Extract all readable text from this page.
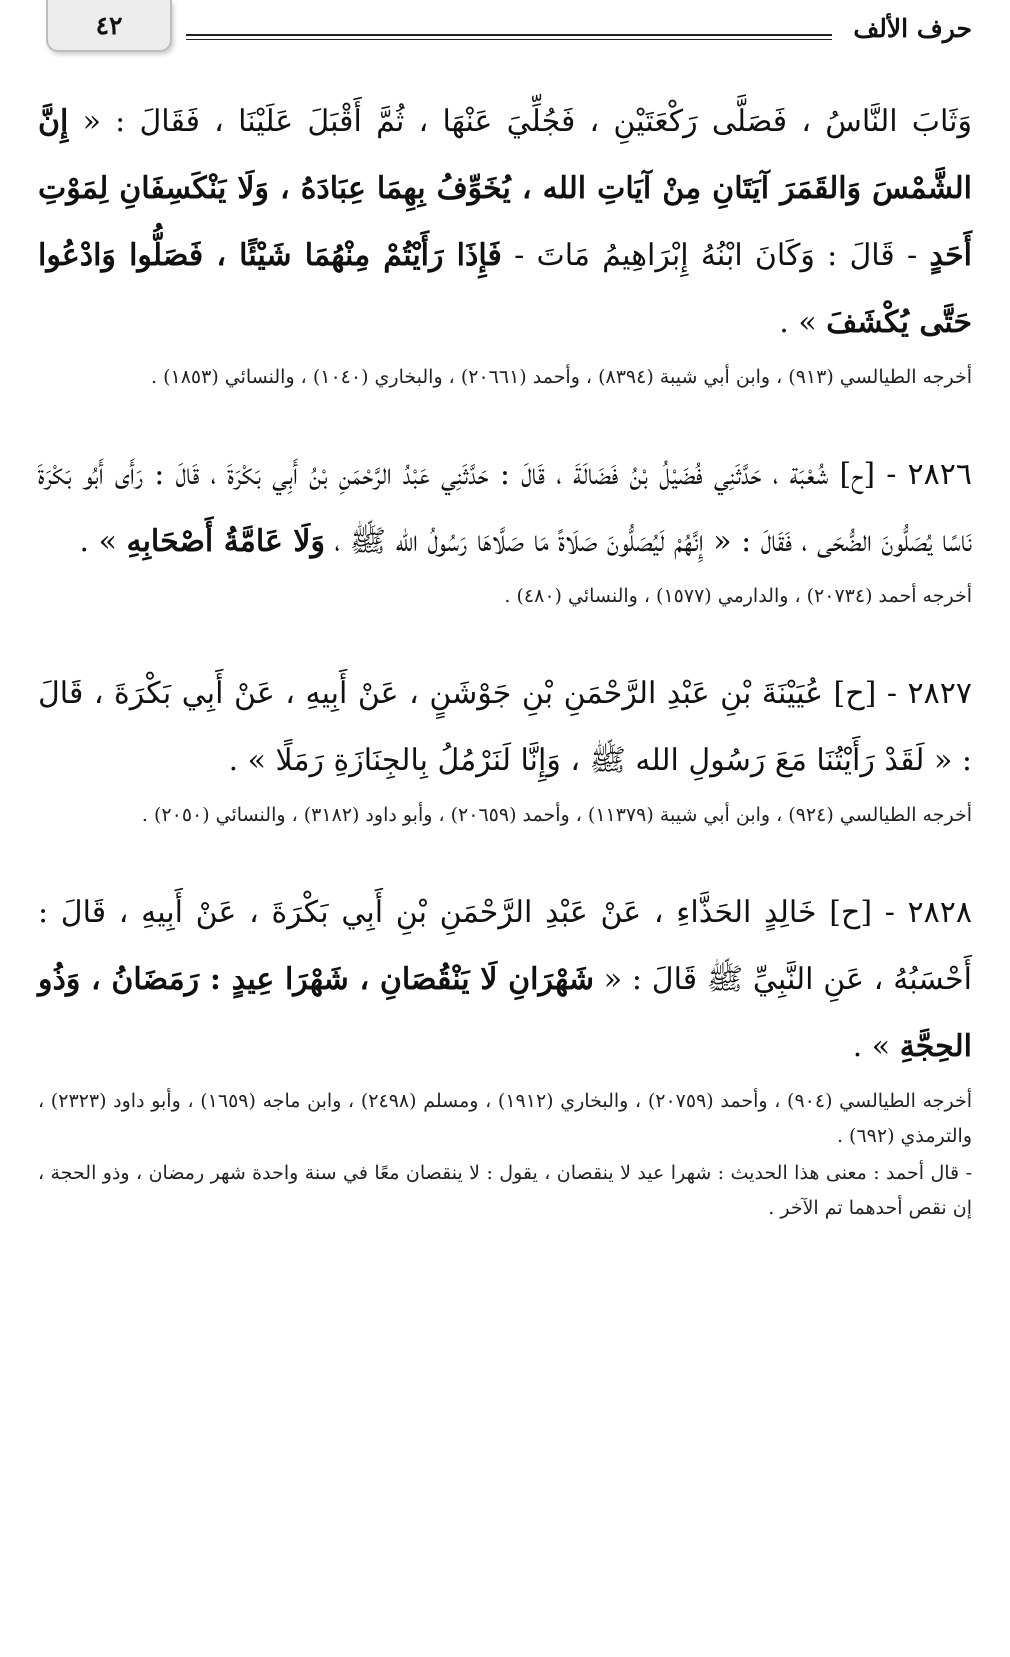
حرف الألف
٤٢

وَثَابَ النَّاسُ ، فَصَلَّى رَكْعَتَيْنِ ، فَجُلِّيَ عَنْهَا ، ثُمَّ أَقْبَلَ عَلَيْنَا ، فَقَالَ : « إِنَّ الشَّمْسَ وَالقَمَرَ آيَتَانِ مِنْ آيَاتِ الله ، يُخَوِّفُ بِهِمَا عِبَادَهُ ، وَلَا يَنْكَسِفَانِ لِمَوْتِ أَحَدٍ - قَالَ : وَكَانَ ابْنُهُ إِبْرَاهِيمُ مَاتَ - فَإِذَا رَأَيْتُمْ مِنْهُمَا شَيْئًا ، فَصَلُّوا وَادْعُوا حَتَّى يُكْشَفَ » .

أخرجه الطيالسي (٩١٣) ، وابن أبي شيبة (٨٣٩٤) ، وأحمد (٢٠٦٦١) ، والبخاري (١٠٤٠) ، والنسائي (١٨٥٣) .

٢٨٢٦ - [ح] شُعْبَة ، حَدَّثَنِي فُضَيْلُ بْنُ فَضَالَةَ ، قَالَ : حَدَّثَنِي عَبْدُ الرَّحْمَنِ بْنُ أَبِي بَكْرَةَ ، قَالَ : رَأَى أَبُو بَكْرَةَ نَاسًا يُصَلُّونَ الضُّحَى ، فَقَالَ : « إِنَّهُمْ لَيُصَلُّونَ صَلَاةً مَا صَلَّاهَا رَسُولُ الله ﷺ ، وَلَا عَامَّةُ أَصْحَابِهِ » .

أخرجه أحمد (٢٠٧٣٤) ، والدارمي (١٥٧٧) ، والنسائي (٤٨٠) .

٢٨٢٧ - [ح] عُيَيْنَةَ بْنِ عَبْدِ الرَّحْمَنِ بْنِ جَوْشَنٍ ، عَنْ أَبِيهِ ، عَنْ أَبِي بَكْرَةَ ، قَالَ : « لَقَدْ رَأَيْتُنَا مَعَ رَسُولِ الله ﷺ ، وَإِنَّا لَنَرْمُلُ بِالجِنَازَةِ رَمَلًا » .

أخرجه الطيالسي (٩٢٤) ، وابن أبي شيبة (١١٣٧٩) ، وأحمد (٢٠٦٥٩) ، وأبو داود (٣١٨٢) ، والنسائي (٢٠٥٠) .

٢٨٢٨ - [ح] خَالِدٍ الحَذَّاءِ ، عَنْ عَبْدِ الرَّحْمَنِ بْنِ أَبِي بَكْرَةَ ، عَنْ أَبِيهِ ، قَالَ : أَحْسَبُهُ ، عَنِ النَّبِيِّ ﷺ قَالَ : « شَهْرَانِ لَا يَنْقُصَانِ ، شَهْرَا عِيدٍ : رَمَضَانُ ، وَذُو الحِجَّةِ » .

أخرجه الطيالسي (٩٠٤) ، وأحمد (٢٠٧٥٩) ، والبخاري (١٩١٢) ، ومسلم (٢٤٩٨) ، وابن ماجه (١٦٥٩) ، وأبو داود (٢٣٢٣) ، والترمذي (٦٩٢) .

- قال أحمد : معنى هذا الحديث : شهرا عيد لا ينقصان ، يقول : لا ينقصان معًا في سنة واحدة شهر رمضان ، وذو الحجة ، إن نقص أحدهما تم الآخر .
